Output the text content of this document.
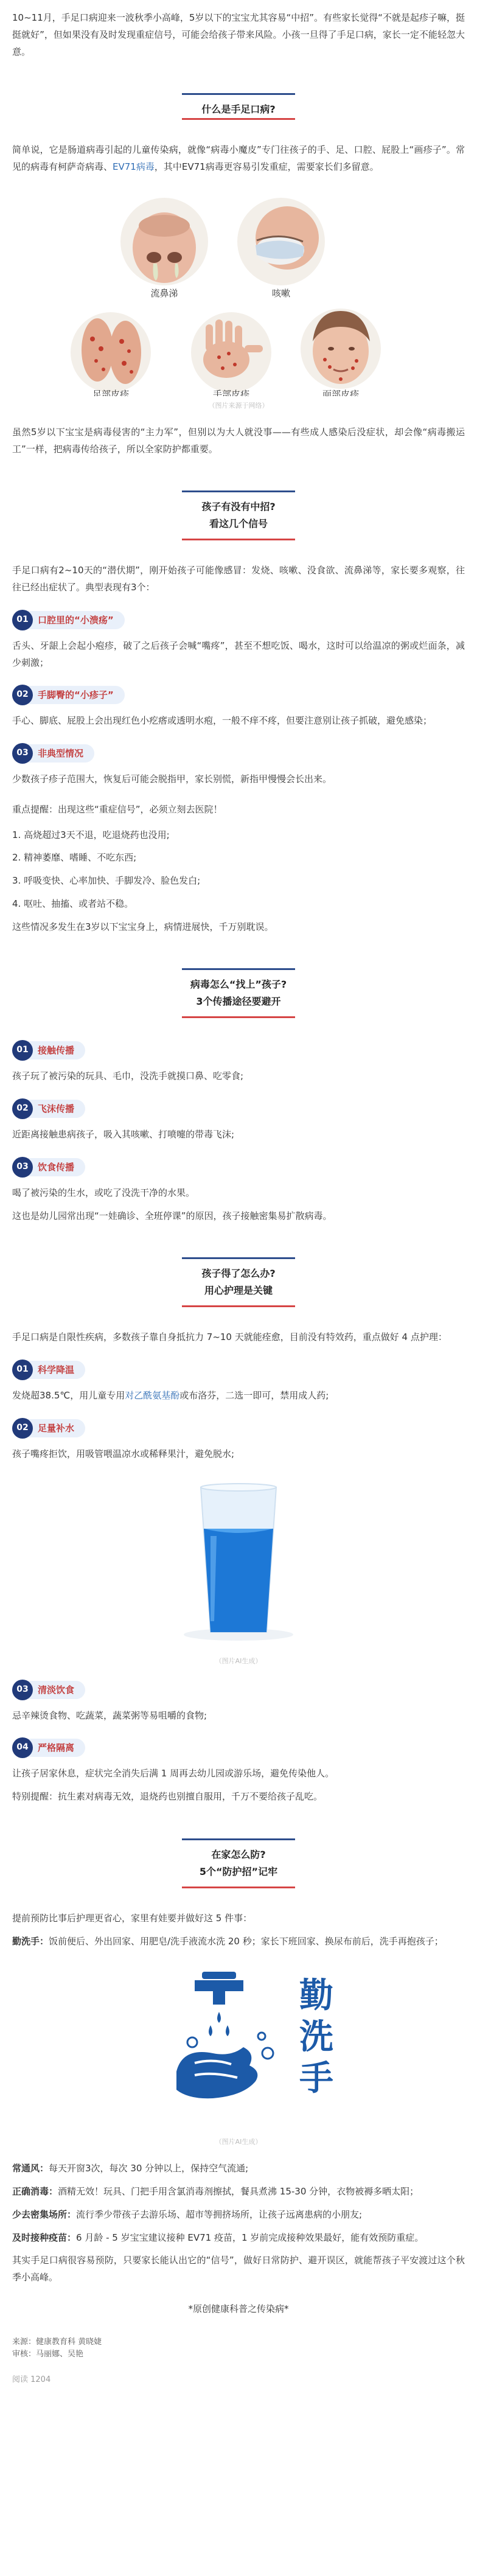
10~11月，手足口病迎来一波秋季小高峰，5岁以下的宝宝尤其容易“中招”。有些家长觉得“不就是起疹子嘛，挺挺就好”，但如果没有及时发现重症信号，可能会给孩子带来风险。小孩一旦得了手足口病，家长一定不能轻忽大意。

什么是手足口病?

简单说，它是肠道病毒引起的儿童传染病，就像“病毒小魔皮”专门往孩子的手、足、口腔、屁股上“画疹子”。常见的病毒有柯萨奇病毒、EV71病毒，其中EV71病毒更容易引发重症，需要家长们多留意。

流鼻涕	咳嗽
足部皮疹	手部皮疹	面部皮疹
（图片来源于网络）

虽然5岁以下宝宝是病毒侵害的“主力军”，但别以为大人就没事——有些成人感染后没症状，却会像“病毒搬运工”一样，把病毒传给孩子，所以全家防护都重要。

孩子有没有中招?
看这几个信号

手足口病有2~10天的“潜伏期”，刚开始孩子可能像感冒：发烧、咳嗽、没食欲、流鼻涕等，家长要多观察，往往已经出症状了。典型表现有3个：

01	口腔里的“小溃疡”

舌头、牙龈上会起小疱疹，破了之后孩子会喊“嘴疼”，甚至不想吃饭、喝水，这时可以给温凉的粥或烂面条，减少刺激；

02	手脚臀的“小疹子”

手心、脚底、屁股上会出现红色小疙瘩或透明水疱，一般不痒不疼，但要注意别让孩子抓破，避免感染；

03	非典型情况

少数孩子疹子范围大，恢复后可能会脱指甲，家长别慌，新指甲慢慢会长出来。

重点提醒：出现这些“重症信号”，必须立刻去医院！

1. 高烧超过3天不退，吃退烧药也没用;

2. 精神萎靡、嗜睡、不吃东西;

3. 呼吸变快、心率加快、手脚发冷、脸色发白;

4. 呕吐、抽搐、或者站不稳。

这些情况多发生在3岁以下宝宝身上，病情进展快，千万别耽误。

病毒怎么“找上”孩子?
3个传播途径要避开
01	接触传播

孩子玩了被污染的玩具、毛巾，没洗手就摸口鼻、吃零食;

02	飞沫传播

近距离接触患病孩子，吸入其咳嗽、打喷嚏的带毒飞沫;

03	饮食传播

喝了被污染的生水，或吃了没洗干净的水果。

这也是幼儿园常出现“一娃确诊、全班停课”的原因，孩子接触密集易扩散病毒。

孩子得了怎么办?
用心护理是关键

手足口病是自限性疾病，多数孩子靠自身抵抗力 7~10 天就能痊愈，目前没有特效药，重点做好 4 点护理：

01	科学降温

发烧超38.5℃，用儿童专用对乙酰氨基酚或布洛芬，二选一即可，禁用成人药;

02	足量补水

孩子嘴疼拒饮，用吸管喂温凉水或稀释果汁，避免脱水;

（图片AI生成）
03	清淡饮食

忌辛辣烫食物、吃蔬菜，蔬菜粥等易咀嚼的食物;

04	严格隔离

让孩子居家休息，症状完全消失后满 1 周再去幼儿园或游乐场，避免传染他人。

特别提醒：抗生素对病毒无效，退烧药也别擅自服用，千万不要给孩子乱吃。

在家怎么防?
5个“防护招”记牢

提前预防比事后护理更省心，家里有娃要并做好这 5 件事：

勤洗手：饭前便后、外出回家、用肥皂/洗手液流水洗 20 秒；家长下班回家、换尿布前后，洗手再抱孩子；

勤
洗
手
（图片AI生成）

常通风：每天开窗3次，每次 30 分钟以上，保持空气流通;

正确消毒：酒精无效！玩具、门把手用含氯消毒剂擦拭，餐具煮沸 15-30 分钟，衣物被褥多晒太阳；

少去密集场所：流行季少带孩子去游乐场、超市等拥挤场所，让孩子远离患病的小朋友;

及时接种疫苗：6 月龄 - 5 岁宝宝建议接种 EV71 疫苗，1 岁前完成接种效果最好，能有效预防重症。

其实手足口病很容易预防，只要家长能认出它的“信号”，做好日常防护、避开误区，就能帮孩子平安渡过这个秋季小高峰。

*原创健康科普之传染病*

来源：健康教育科 黄晓婕

审核：马丽娜、吴艳

阅读 1204
